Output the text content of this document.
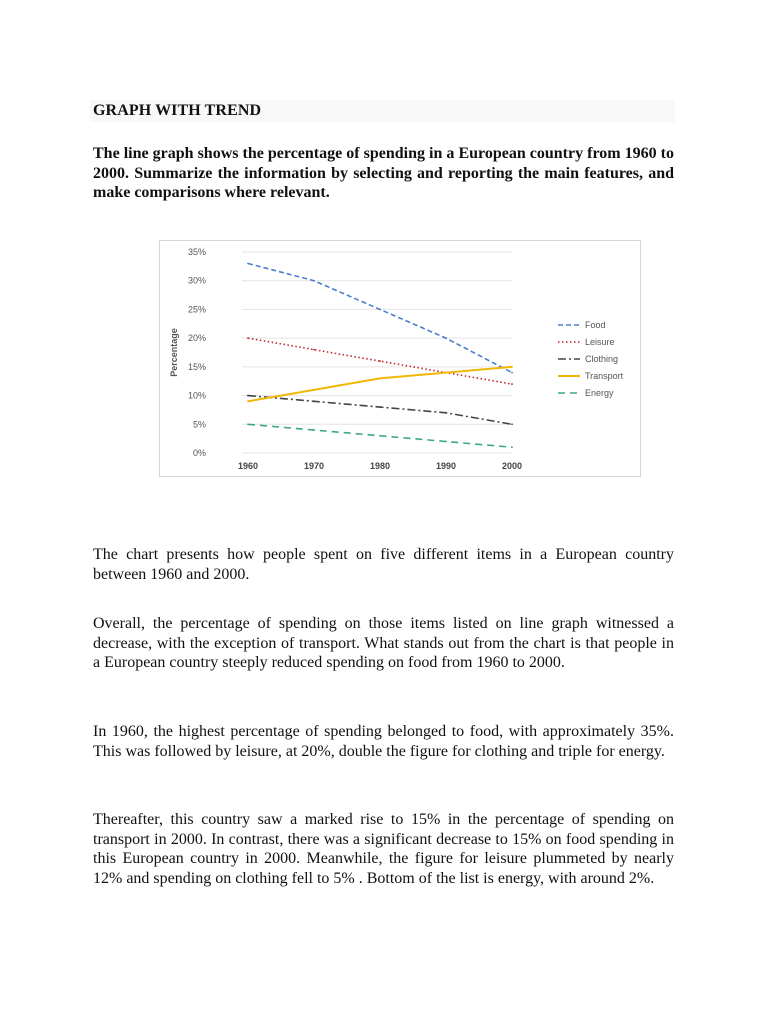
GRAPH WITH TREND

The line graph shows the percentage of spending in a European country from 1960 to 2000. Summarize the information by selecting and reporting the main features, and make comparisons where relevant.

0%
5%
10%
15%
20%
25%
30%
35%
Percentage
1960	1970	1980	1990	2000
Food
Leisure
Clothing
Transport
Energy

The chart presents how people spent on five different items in a European country between 1960 and 2000.

Overall, the percentage of spending on those items listed on line graph witnessed a decrease, with the exception of transport. What stands out from the chart is that people in a European country steeply reduced spending on food from 1960 to 2000.

In 1960, the highest percentage of spending belonged to food, with approximately 35%. This was followed by leisure, at 20%, double the figure for clothing and triple for energy.

Thereafter, this country saw a marked rise to 15% in the percentage of spending on transport in 2000. In contrast, there was a significant decrease to 15% on food spending in this European country in 2000. Meanwhile, the figure for leisure plummeted by nearly 12% and spending on clothing fell to 5% . Bottom of the list is energy, with around 2%.
